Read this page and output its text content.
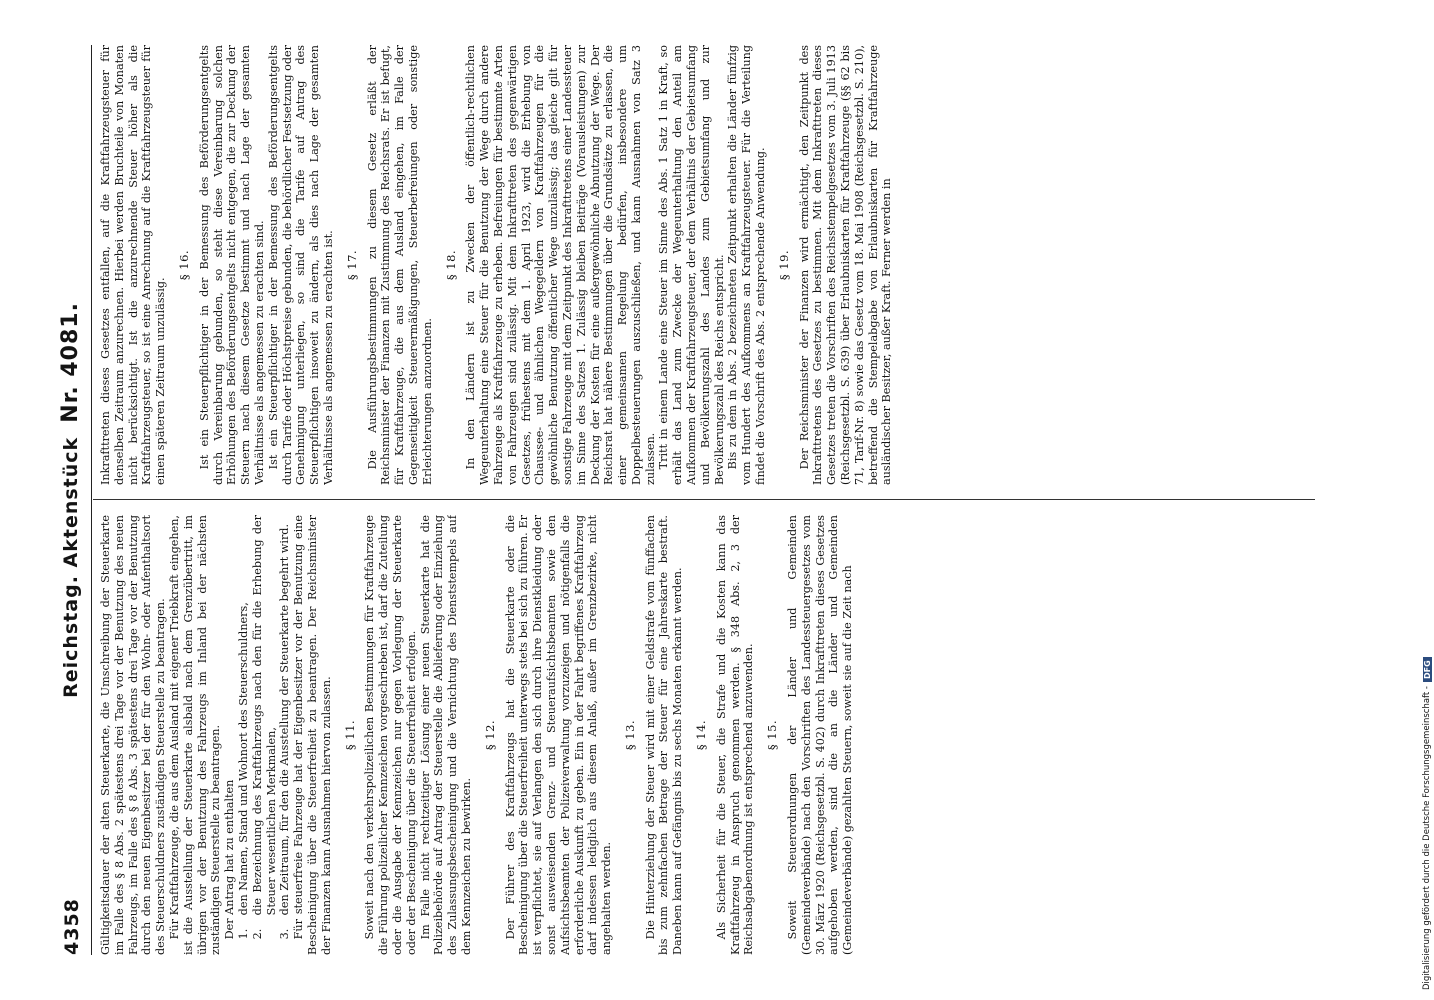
4358
Reichstag. AktenstückNr. 4081.

Gültigkeitsdauer der alten Steuerkarte, die Umschreibung der Steuerkarte im Falle des § 8 Abs. 2 spätestens drei Tage vor der Benutzung des neuen Fahrzeugs, im Falle des § 8 Abs. 3 spätestens drei Tage vor der Benutzung durch den neuen Eigenbesitzer bei der für den Wohn- oder Aufenthaltsort des Steuerschuldners zuständigen Steuerstelle zu beantragen. Für Kraftfahrzeuge, die aus dem Ausland mit eigener Triebkraft eingehen, ist die Ausstellung der Steuerkarte alsbald nach dem Grenzübertritt, im übrigen vor der Benutzung des Fahrzeugs im Inland bei der nächsten zuständigen Steuerstelle zu beantragen. Der Antrag hat zu enthalten 1.
den Namen, Stand und Wohnort des Steuerschuldners,
2.
die Bezeichnung des Kraftfahrzeugs nach den für die Erhebung der Steuer wesentlichen Merkmalen,
3.
den Zeitraum, für den die Ausstellung der Steuerkarte begehrt wird. Für steuerfreie Fahrzeuge hat der Eigenbesitzer vor der Benutzung eine Bescheinigung über die Steuerfreiheit zu beantragen. Der Reichsminister der Finanzen kann Ausnahmen hiervon zulassen. § 11. Soweit nach den verkehrspolizeilichen Bestimmungen für Kraftfahrzeuge die Führung polizeilicher Kennzeichen vorgeschrieben ist, darf die Zuteilung oder die Ausgabe der Kennzeichen nur gegen Vorlegung der Steuerkarte oder der Bescheinigung über die Steuerfreiheit erfolgen. Im Falle nicht rechtzeitiger Lösung einer neuen Steuerkarte hat die Polizeibehörde auf Antrag der Steuerstelle die Ablieferung oder Einziehung des Zulassungsbescheinigung und die Vernichtung des Dienststempels auf dem Kennzeichen zu bewirken.

§ 12. Der Führer des Kraftfahrzeugs hat die Steuerkarte oder die Bescheinigung über die Steuerfreiheit unterwegs stets bei sich zu führen. Er ist verpflichtet, sie auf Verlangen den sich durch ihre Dienstkleidung oder sonst ausweisenden Grenz- und Steueraufsichtsbeamten sowie den Aufsichtsbeamten der Polizeiverwaltung vorzuzeigen und nötigenfalls die erforderliche Auskunft zu geben. Ein in der Fahrt begriffenes Kraftfahrzeug darf indessen lediglich aus diesem Anlaß, außer im Grenzbezirke, nicht angehalten werden.

§ 13. Die Hinterziehung der Steuer wird mit einer Geldstrafe vom fünffachen bis zum zehnfachen Betrage der Steuer für eine Jahreskarte bestraft. Daneben kann auf Gefängnis bis zu sechs Monaten erkannt werden. § 14. Als Sicherheit für die Steuer, die Strafe und die Kosten kann das Kraftfahrzeug in Anspruch genommen werden. § 348 Abs. 2, 3 der Reichsabgabenordnung ist entsprechend anzuwenden. § 15. Soweit Steuerordnungen der Länder und Gemeinden (Gemeindeverbände) nach den Vorschriften des Landessteuergesetzes vom 30. März 1920 (Reichsgesetzbl. S. 402) durch Inkrafttreten dieses Gesetzes aufgehoben werden, sind die an die Länder und Gemeinden (Gemeindeverbände) gezahlten Steuern, soweit sie auf die Zeit nach

Inkrafttreten dieses Gesetzes entfallen, auf die Kraftfahrzeugsteuer für denselben Zeitraum anzurechnen. Hierbei werden Bruchteile von Monaten nicht berücksichtigt. Ist die anzurechnende Steuer höher als die Kraftfahrzeugsteuer, so ist eine Anrechnung auf die Kraftfahrzeugsteuer für einen späteren Zeitraum unzulässig.

§ 16. Ist ein Steuerpflichtiger in der Bemessung des Beförderungsentgelts durch Vereinbarung gebunden, so steht diese Vereinbarung solchen Erhöhungen des Beförderungsentgelts nicht entgegen, die zur Deckung der Steuern nach diesem Gesetze bestimmt und nach Lage der gesamten Verhältnisse als angemessen zu erachten sind. Ist ein Steuerpflichtiger in der Bemessung des Beförderungsentgelts durch Tarife oder Höchstpreise gebunden, die behördlicher Festsetzung oder Genehmigung unterliegen, so sind die Tarife auf Antrag des Steuerpflichtigen insoweit zu ändern, als dies nach Lage der gesamten Verhältnisse als angemessen zu erachten ist. § 17. Die Ausführungsbestimmungen zu diesem Gesetz erläßt der Reichsminister der Finanzen mit Zustimmung des Reichsrats. Er ist befugt, für Kraftfahrzeuge, die aus dem Ausland eingehen, im Falle der Gegenseitigkeit Steuerermäßigungen, Steuerbefreiungen oder sonstige Erleichterungen anzuordnen.

§ 18. In den Ländern ist zu Zwecken der öffentlich-rechtlichen Wegeunterhaltung eine Steuer für die Benutzung der Wege durch andere Fahrzeuge als Kraftfahrzeuge zu erheben. Befreiungen für bestimmte Arten von Fahrzeugen sind zulässig. Mit dem Inkrafttreten des gegenwärtigen Gesetzes, frühestens mit dem 1. April 1923, wird die Erhebung von Chaussee- und ähnlichen Wegegeldern von Kraftfahrzeugen für die gewöhnliche Benutzung öffentlicher Wege unzulässig; das gleiche gilt für sonstige Fahrzeuge mit dem Zeitpunkt des Inkrafttretens einer Landessteuer im Sinne des Satzes 1. Zulässig bleiben Beiträge (Vorausleistungen) zur Deckung der Kosten für eine außergewöhnliche Abnutzung der Wege. Der Reichsrat hat nähere Bestimmungen über die Grundsätze zu erlassen, die einer gemeinsamen Regelung bedürfen, insbesondere um Doppelbesteuerungen auszuschließen, und kann Ausnahmen von Satz 3 zulassen. Tritt in einem Lande eine Steuer im Sinne des Abs. 1 Satz 1 in Kraft, so erhält das Land zum Zwecke der Wegeunterhaltung den Anteil am Aufkommen der Kraftfahrzeugsteuer, der dem Verhältnis der Gebietsumfang und Bevölkerungszahl des Landes zum Gebietsumfang und zur Bevölkerungszahl des Reichs entspricht. Bis zu dem in Abs. 2 bezeichneten Zeitpunkt erhalten die Länder fünfzig vom Hundert des Aufkommens an Kraftfahrzeugsteuer. Für die Verteilung findet die Vorschrift des Abs. 2 entsprechende Anwendung. § 19. Der Reichsminister der Finanzen wird ermächtigt, den Zeitpunkt des Inkrafttretens des Gesetzes zu bestimmen. Mit dem Inkrafttreten dieses Gesetzes treten die Vorschriften des Reichsstempelgesetzes vom 3. Juli 1913 (Reichsgesetzbl. S. 639) über Erlaubniskarten für Kraftfahrzeuge (§§ 62 bis 71, Tarif-Nr. 8) sowie das Gesetz vom 18. Mai 1908 (Reichsgesetzbl. S. 210), betreffend die Stempelabgabe von Erlaubniskarten für Kraftfahrzeuge ausländischer Besitzer, außer Kraft. Ferner werden in

Digitalisierung gefördert durch die Deutsche Forschungsgemeinschaft -
DFG
